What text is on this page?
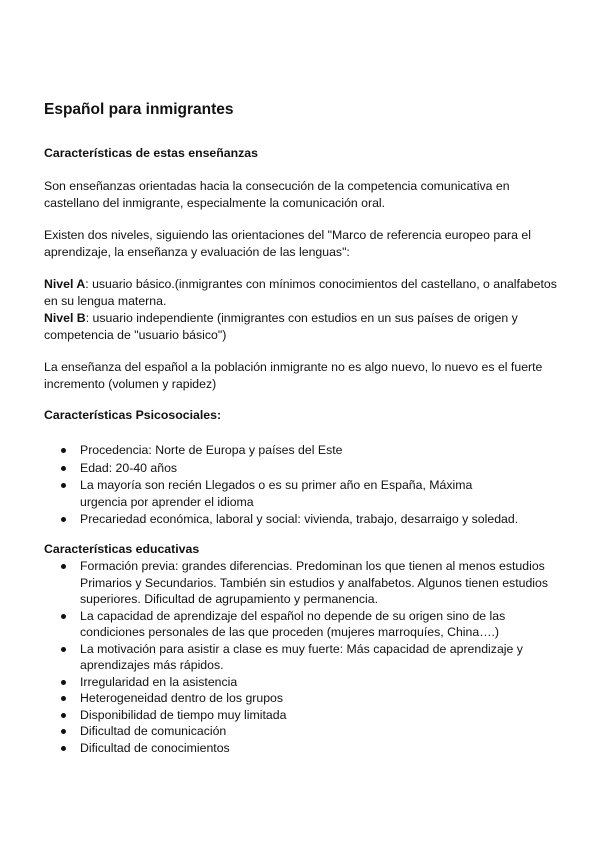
Español para inmigrantes
Características de estas enseñanzas

Son enseñanzas orientadas hacia la consecución de la competencia comunicativa en castellano del inmigrante, especialmente la comunicación oral.

Existen dos niveles, siguiendo las orientaciones del "Marco de referencia europeo para el aprendizaje, la enseñanza y evaluación de las lenguas":

Nivel A: usuario básico.(inmigrantes con mínimos conocimientos del castellano, o analfabetos en su lengua materna.

Nivel B: usuario independiente (inmigrantes con estudios en un sus países de origen y competencia de "usuario básico")

La enseñanza del español a la población inmigrante no es algo nuevo, lo nuevo es el fuerte incremento (volumen y rapidez)

Características Psicosociales:
Procedencia: Norte de Europa y países del Este
Edad: 20-40 años
La mayoría son recién Llegados o es su primer año en España, Máxima urgencia por aprender el idioma
Precariedad económica, laboral y social: vivienda, trabajo, desarraigo y soledad.
Características educativas
Formación previa: grandes diferencias. Predominan los que tienen al menos estudios Primarios y Secundarios. También sin estudios y analfabetos. Algunos tienen estudios superiores. Dificultad de agrupamiento y permanencia.
La capacidad de aprendizaje del español no depende de su origen sino de las condiciones personales de las que proceden (mujeres marroquíes, China….)
La motivación para asistir a clase es muy fuerte: Más capacidad de aprendizaje y aprendizajes más rápidos.
Irregularidad en la asistencia
Heterogeneidad dentro de los grupos
Disponibilidad de tiempo muy limitada
Dificultad de comunicación
Dificultad de conocimientos
